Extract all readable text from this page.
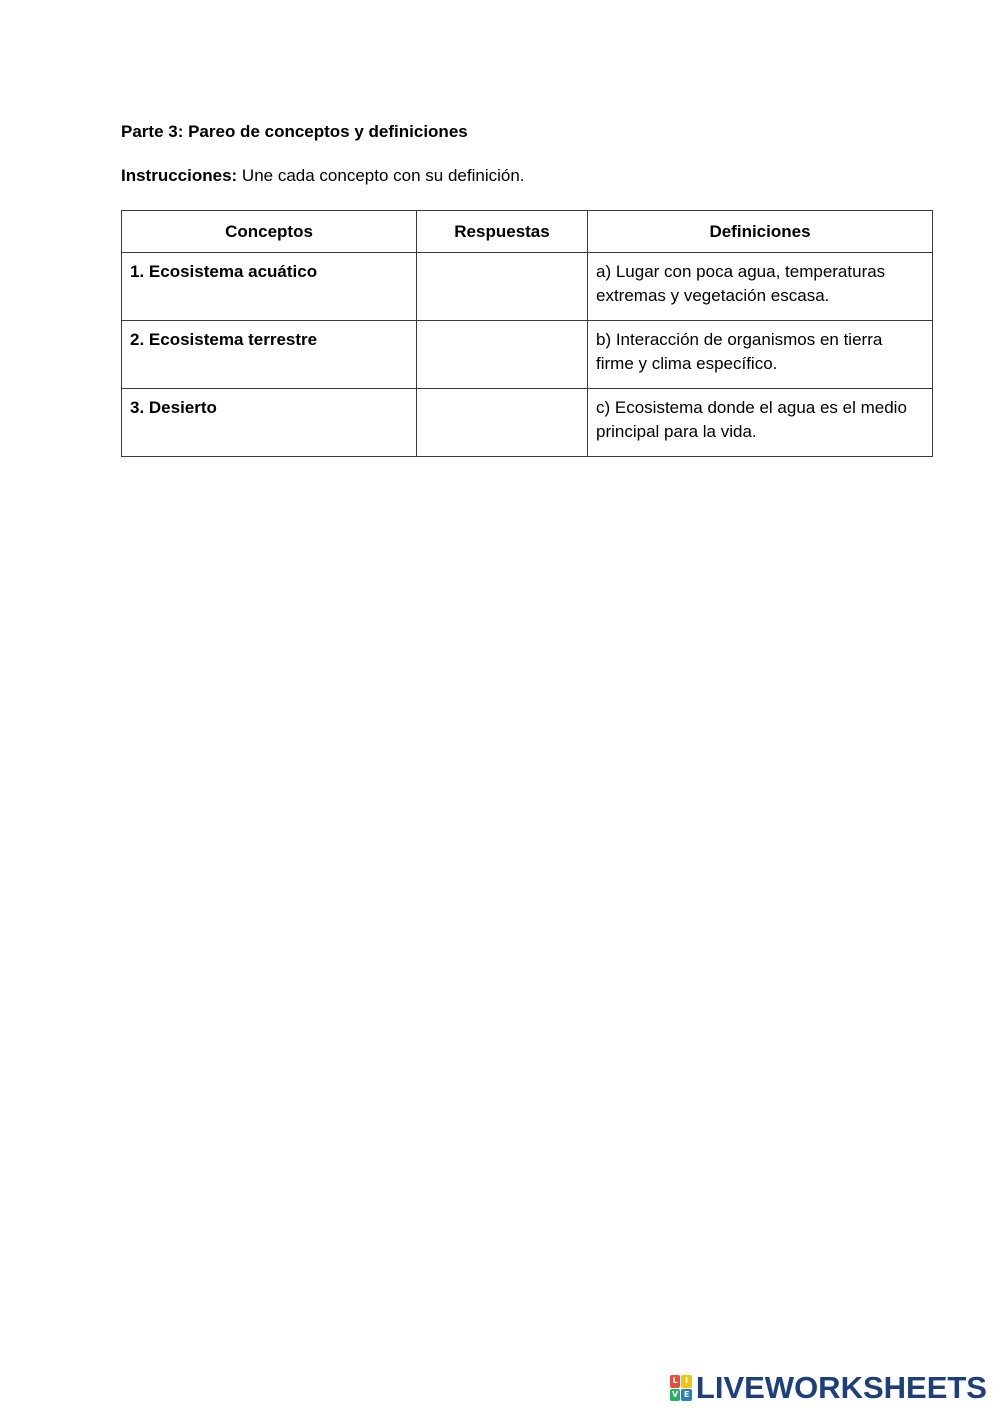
Parte 3: Pareo de conceptos y definiciones

Instrucciones: Une cada concepto con su definición.

Conceptos	Respuestas	Definiciones
1. Ecosistema acuático		a) Lugar con poca agua, temperaturas extremas y vegetación escasa.
2. Ecosistema terrestre		b) Interacción de organismos en tierra firme y clima específico.
3. Desierto		c) Ecosistema donde el agua es el medio principal para la vida.
L I
V E LIVEWORKSHEETS
